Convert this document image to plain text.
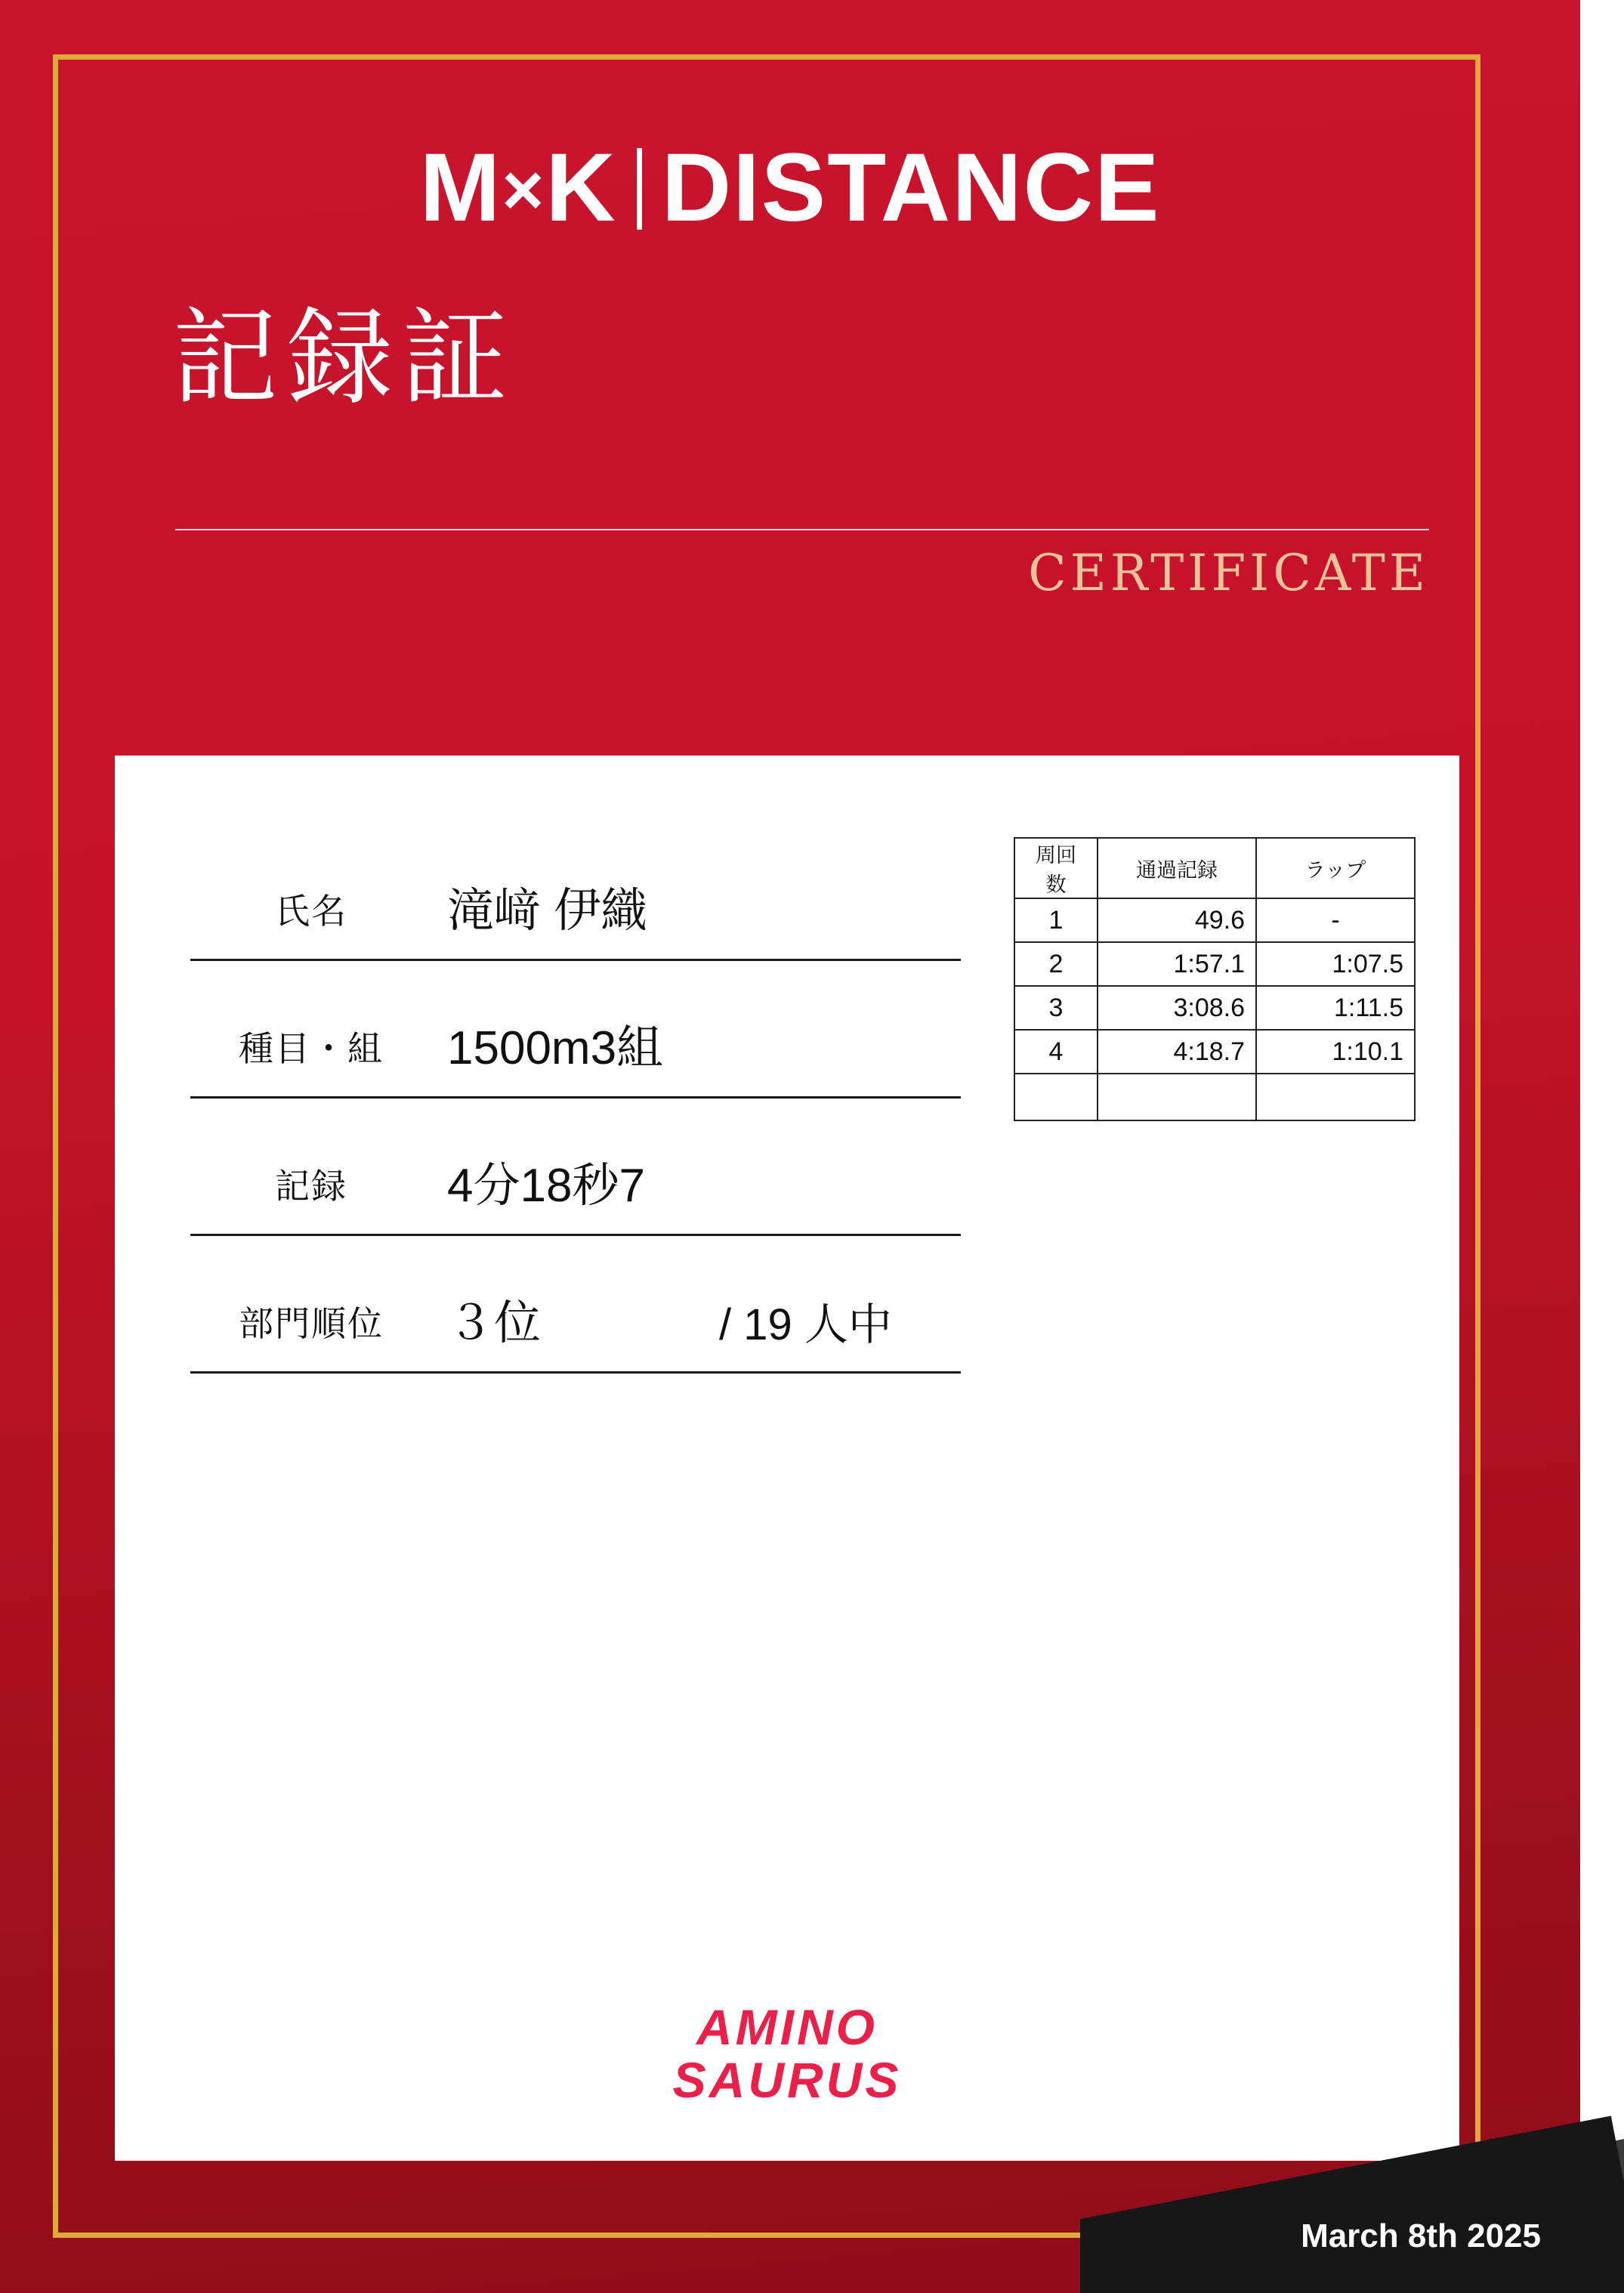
M×K DISTANCE
記録証
CERTIFICATE
氏名 滝﨑 伊織
種目・組 1500m3組
記録 4分18秒7
部門順位 ３位	/ 19 人中
周回数	通過記録	ラップ
1	49.6	-
2	1:57.1	1:07.5
3	3:08.6	1:11.5
4	4:18.7	1:10.1

AMINO
SAURUS
March 8th 2025
